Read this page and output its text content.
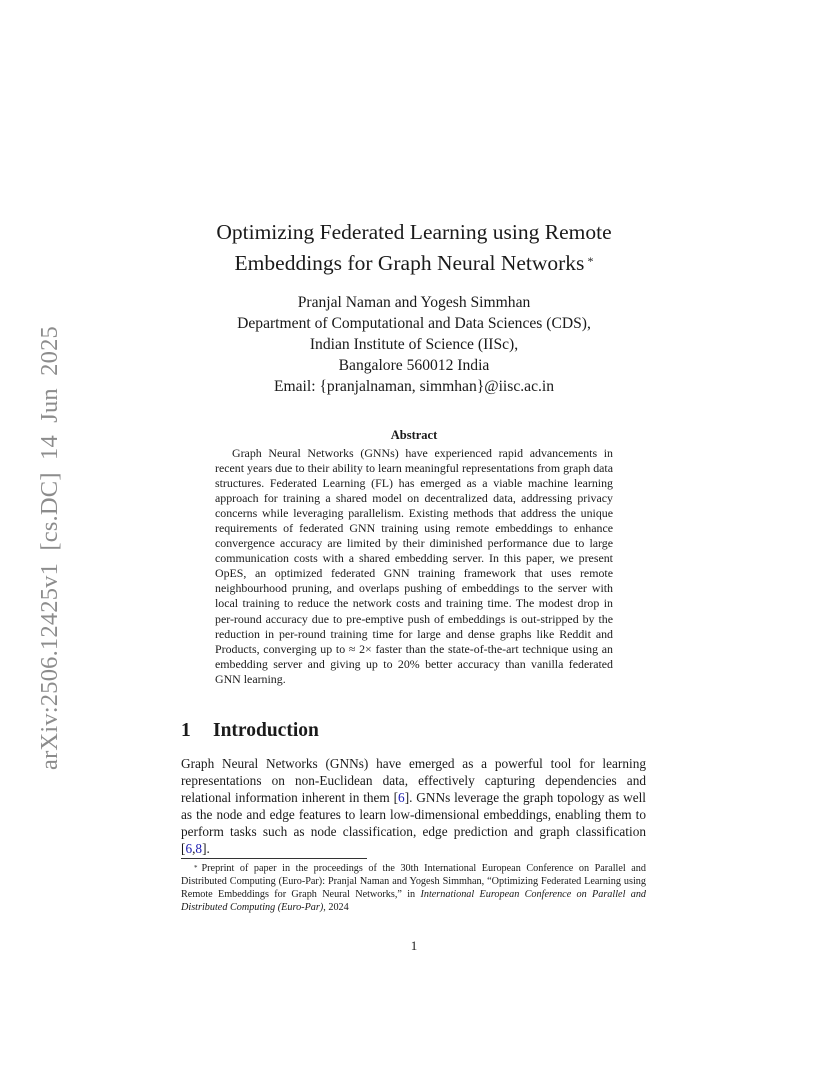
arXiv:2506.12425v1 [cs.DC] 14 Jun 2025
Optimizing Federated Learning using Remote
Embeddings for Graph Neural Networks *
Pranjal Naman and Yogesh Simmhan
Department of Computational and Data Sciences (CDS),
Indian Institute of Science (IISc),
Bangalore 560012 India
Email: {pranjalnaman, simmhan}@iisc.ac.in
Abstract

Graph Neural Networks (GNNs) have experienced rapid advancements in recent years due to their ability to learn meaningful representations from graph data structures. Federated Learning (FL) has emerged as a viable machine learning approach for training a shared model on decentralized data, addressing privacy concerns while leveraging parallelism. Existing methods that address the unique requirements of federated GNN training using remote embeddings to enhance convergence accuracy are limited by their diminished performance due to large communication costs with a shared embedding server. In this paper, we present OpES, an optimized federated GNN training framework that uses remote neighbourhood pruning, and overlaps pushing of embeddings to the server with local training to reduce the network costs and training time. The modest drop in per-round accuracy due to pre-emptive push of embeddings is out-stripped by the reduction in per-round training time for large and dense graphs like Reddit and Products, converging up to ≈ 2× faster than the state-of-the-art technique using an embedding server and giving up to 20% better accuracy than vanilla federated GNN learning.

1 Introduction

Graph Neural Networks (GNNs) have emerged as a powerful tool for learning representations on non-Euclidean data, effectively capturing dependencies and relational information inherent in them [6]. GNNs leverage the graph topology as well as the node and edge features to learn low-dimensional embeddings, enabling them to perform tasks such as node classification, edge prediction and graph classification [6,8].

* Preprint of paper in the proceedings of the 30th International European Conference on Parallel and Distributed Computing (Euro-Par): Pranjal Naman and Yogesh Simmhan, “Optimizing Federated Learning using Remote Embeddings for Graph Neural Networks,” in International European Conference on Parallel and Distributed Computing (Euro-Par), 2024

1
